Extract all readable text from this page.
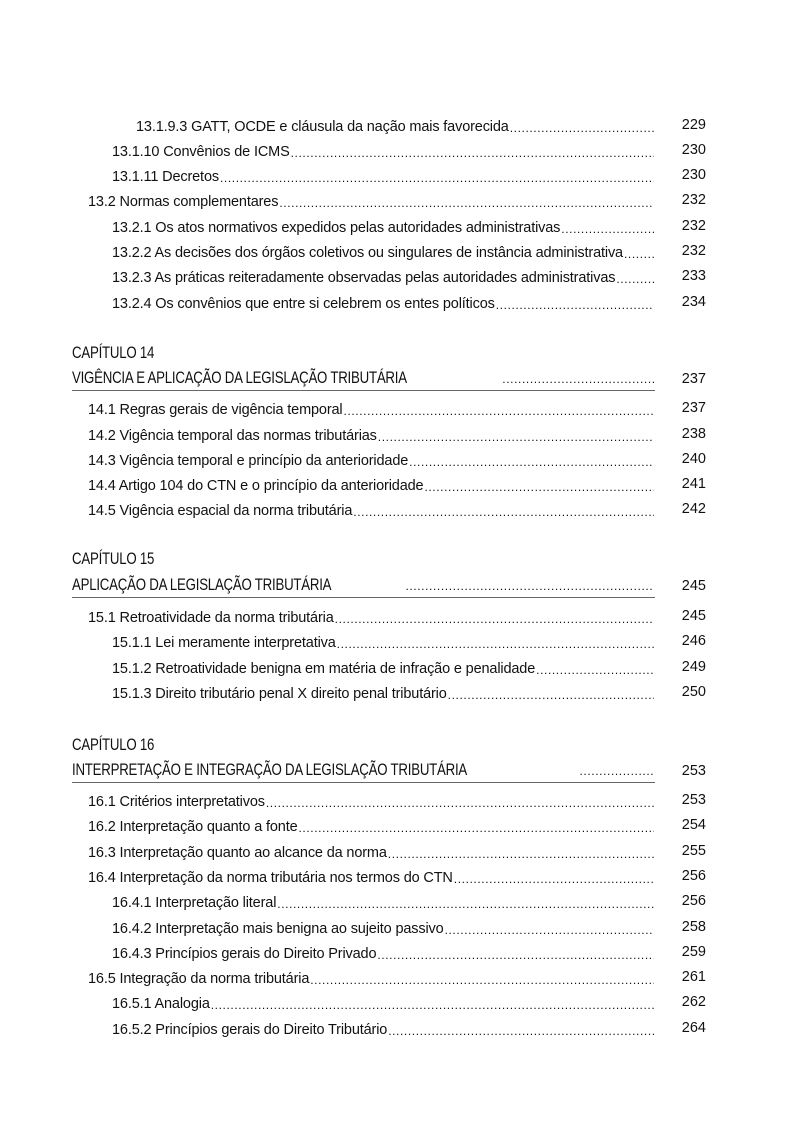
13.1.9.3 GATT, OCDE e cláusula da nação mais favorecida .....	229
13.1.10 Convênios de ICMS .....	230
13.1.11 Decretos .....	230
13.2 Normas complementares .....	232
13.2.1 Os atos normativos expedidos pelas autoridades administrativas .....	232
13.2.2 As decisões dos órgãos coletivos ou singulares de instância administrativa .....	232
13.2.3 As práticas reiteradamente observadas pelas autoridades administrativas .....	233
13.2.4 Os convênios que entre si celebrem os entes políticos .....	234
CAPÍTULO 14
VIGÊNCIA E APLICAÇÃO DA LEGISLAÇÃO TRIBUTÁRIA .....	237
14.1 Regras gerais de vigência temporal .....	237
14.2 Vigência temporal das normas tributárias .....	238
14.3 Vigência temporal e princípio da anterioridade .....	240
14.4 Artigo 104 do CTN e o princípio da anterioridade .....	241
14.5 Vigência espacial da norma tributária .....	242
CAPÍTULO 15
APLICAÇÃO DA LEGISLAÇÃO TRIBUTÁRIA .....	245
15.1 Retroatividade da norma tributária .....	245
15.1.1 Lei meramente interpretativa .....	246
15.1.2 Retroatividade benigna em matéria de infração e penalidade .....	249
15.1.3 Direito tributário penal X direito penal tributário .....	250
CAPÍTULO 16
INTERPRETAÇÃO E INTEGRAÇÃO DA LEGISLAÇÃO TRIBUTÁRIA .....	253
16.1 Critérios interpretativos .....	253
16.2 Interpretação quanto a fonte .....	254
16.3 Interpretação quanto ao alcance da norma .....	255
16.4 Interpretação da norma tributária nos termos do CTN .....	256
16.4.1 Interpretação literal .....	256
16.4.2 Interpretação mais benigna ao sujeito passivo .....	258
16.4.3 Princípios gerais do Direito Privado .....	259
16.5 Integração da norma tributária .....	261
16.5.1 Analogia .....	262
16.5.2 Princípios gerais do Direito Tributário .....	264
